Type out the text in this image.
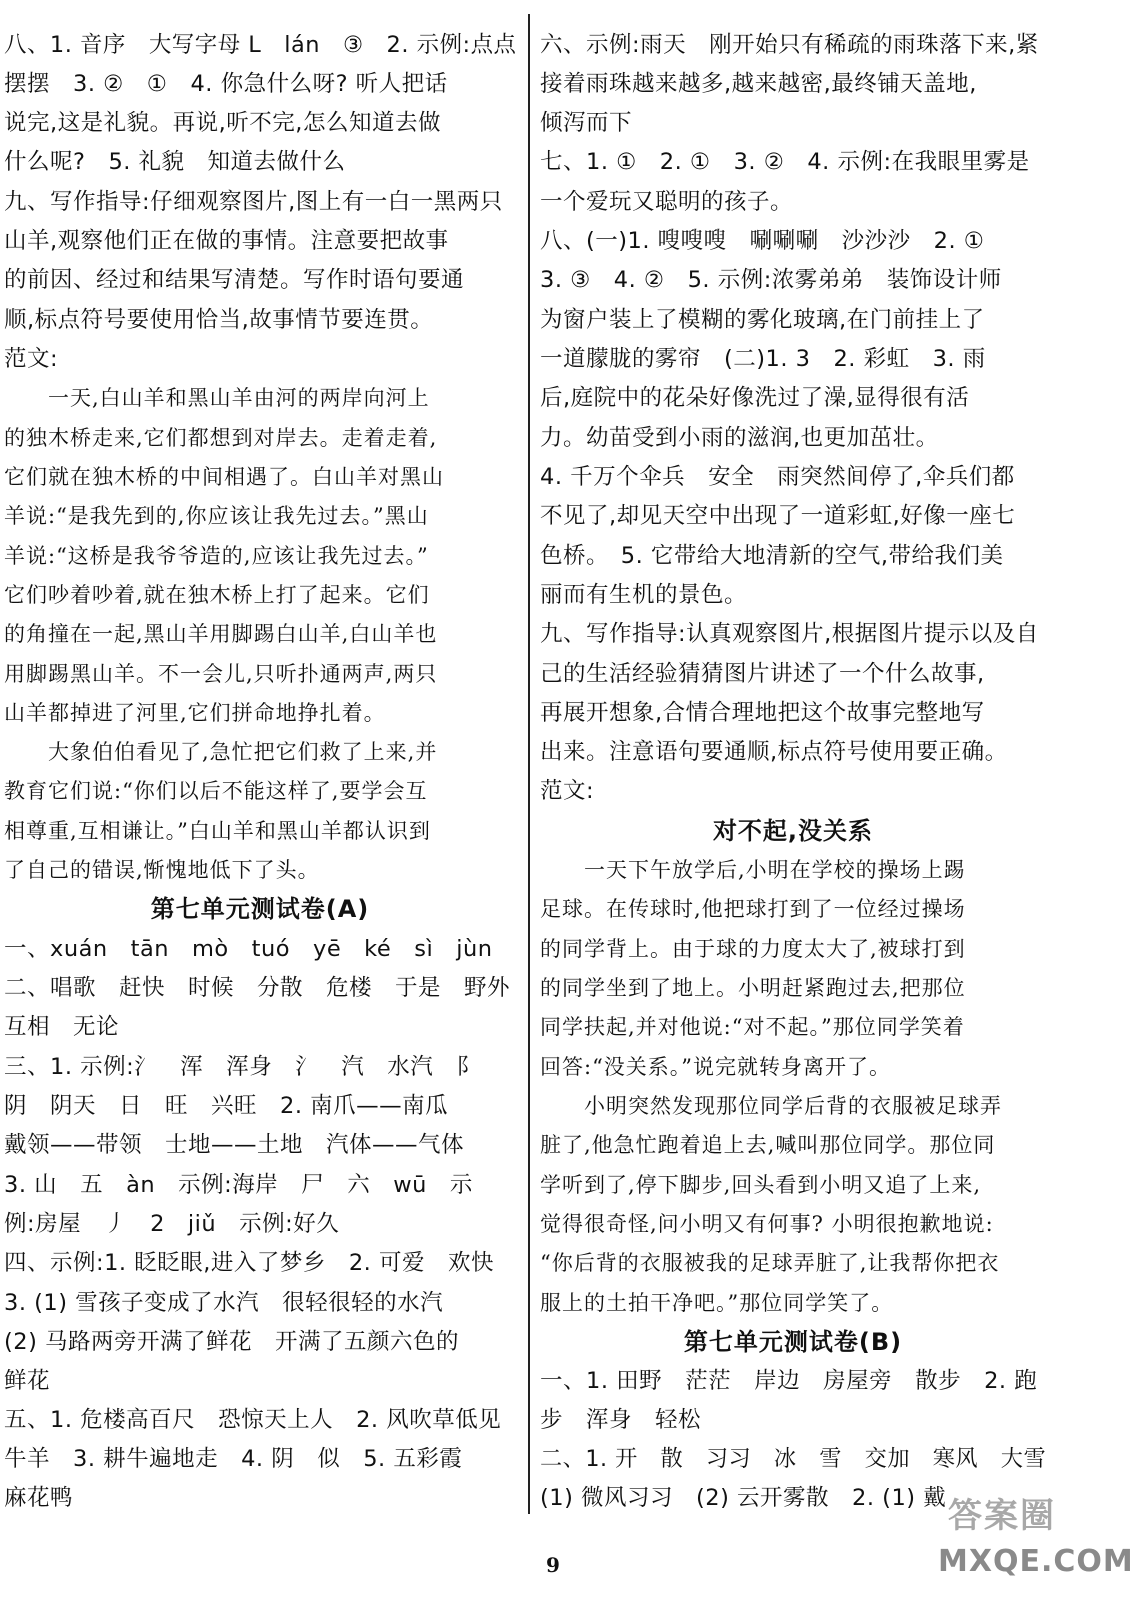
八、1. 音序　大写字母 L　lán　③　2. 示例:点点
摆摆　3. ②　①　4. 你急什么呀? 听人把话
说完,这是礼貌。再说,听不完,怎么知道去做
什么呢?　5. 礼貌　知道去做什么
九、写作指导:仔细观察图片,图上有一白一黑两只
山羊,观察他们正在做的事情。注意要把故事
的前因、经过和结果写清楚。写作时语句要通
顺,标点符号要使用恰当,故事情节要连贯。
范文:
　　一天,白山羊和黑山羊由河的两岸向河上
的独木桥走来,它们都想到对岸去。走着走着,
它们就在独木桥的中间相遇了。白山羊对黑山
羊说:“是我先到的,你应该让我先过去。”黑山
羊说:“这桥是我爷爷造的,应该让我先过去。”
它们吵着吵着,就在独木桥上打了起来。它们
的角撞在一起,黑山羊用脚踢白山羊,白山羊也
用脚踢黑山羊。不一会儿,只听扑通两声,两只
山羊都掉进了河里,它们拼命地挣扎着。
　　大象伯伯看见了,急忙把它们救了上来,并
教育它们说:“你们以后不能这样了,要学会互
相尊重,互相谦让。”白山羊和黑山羊都认识到
了自己的错误,惭愧地低下了头。
第七单元测试卷(A)
一、xuán　tān　mò　tuó　yē　ké　sì　jùn
二、唱歌　赶快　时候　分散　危楼　于是　野外
互相　无论
三、1. 示例:氵　浑　浑身　氵　汽　水汽　阝
阴　阴天　日　旺　兴旺　2. 南爪——南瓜
戴领——带领　士地——土地　汽体——气体
3. 山　五　àn　示例:海岸　尸　六　wū　示
例:房屋　丿　2　jiǔ　示例:好久
四、示例:1. 眨眨眼,进入了梦乡　2. 可爱　欢快
3. (1) 雪孩子变成了水汽　很轻很轻的水汽
(2) 马路两旁开满了鲜花　开满了五颜六色的
鲜花
五、1. 危楼高百尺　恐惊天上人　2. 风吹草低见
牛羊　3. 耕牛遍地走　4. 阴　似　5. 五彩霞
麻花鸭
六、示例:雨天　刚开始只有稀疏的雨珠落下来,紧
接着雨珠越来越多,越来越密,最终铺天盖地,
倾泻而下
七、1. ①　2. ①　3. ②　4. 示例:在我眼里雾是
一个爱玩又聪明的孩子。
八、(一)1. 嗖嗖嗖　唰唰唰　沙沙沙　2. ①
3. ③　4. ②　5. 示例:浓雾弟弟　装饰设计师
为窗户装上了模糊的雾化玻璃,在门前挂上了
一道朦胧的雾帘　(二)1. 3　2. 彩虹　3. 雨
后,庭院中的花朵好像洗过了澡,显得很有活
力。幼苗受到小雨的滋润,也更加茁壮。
4. 千万个伞兵　安全　雨突然间停了,伞兵们都
不见了,却见天空中出现了一道彩虹,好像一座七
色桥。　5. 它带给大地清新的空气,带给我们美
丽而有生机的景色。
九、写作指导:认真观察图片,根据图片提示以及自
己的生活经验猜猜图片讲述了一个什么故事,
再展开想象,合情合理地把这个故事完整地写
出来。注意语句要通顺,标点符号使用要正确。
范文:
对不起,没关系
　　一天下午放学后,小明在学校的操场上踢
足球。在传球时,他把球打到了一位经过操场
的同学背上。由于球的力度太大了,被球打到
的同学坐到了地上。小明赶紧跑过去,把那位
同学扶起,并对他说:“对不起。”那位同学笑着
回答:“没关系。”说完就转身离开了。
　　小明突然发现那位同学后背的衣服被足球弄
脏了,他急忙跑着追上去,喊叫那位同学。那位同
学听到了,停下脚步,回头看到小明又追了上来,
觉得很奇怪,问小明又有何事? 小明很抱歉地说:
“你后背的衣服被我的足球弄脏了,让我帮你把衣
服上的土拍干净吧。”那位同学笑了。
第七单元测试卷(B)
一、1. 田野　茫茫　岸边　房屋旁　散步　2. 跑
步　浑身　轻松
二、1. 开　散　习习　冰　雪　交加　寒风　大雪
(1) 微风习习　(2) 云开雾散　2. (1) 戴
9
答案圈
MXQE.COM
